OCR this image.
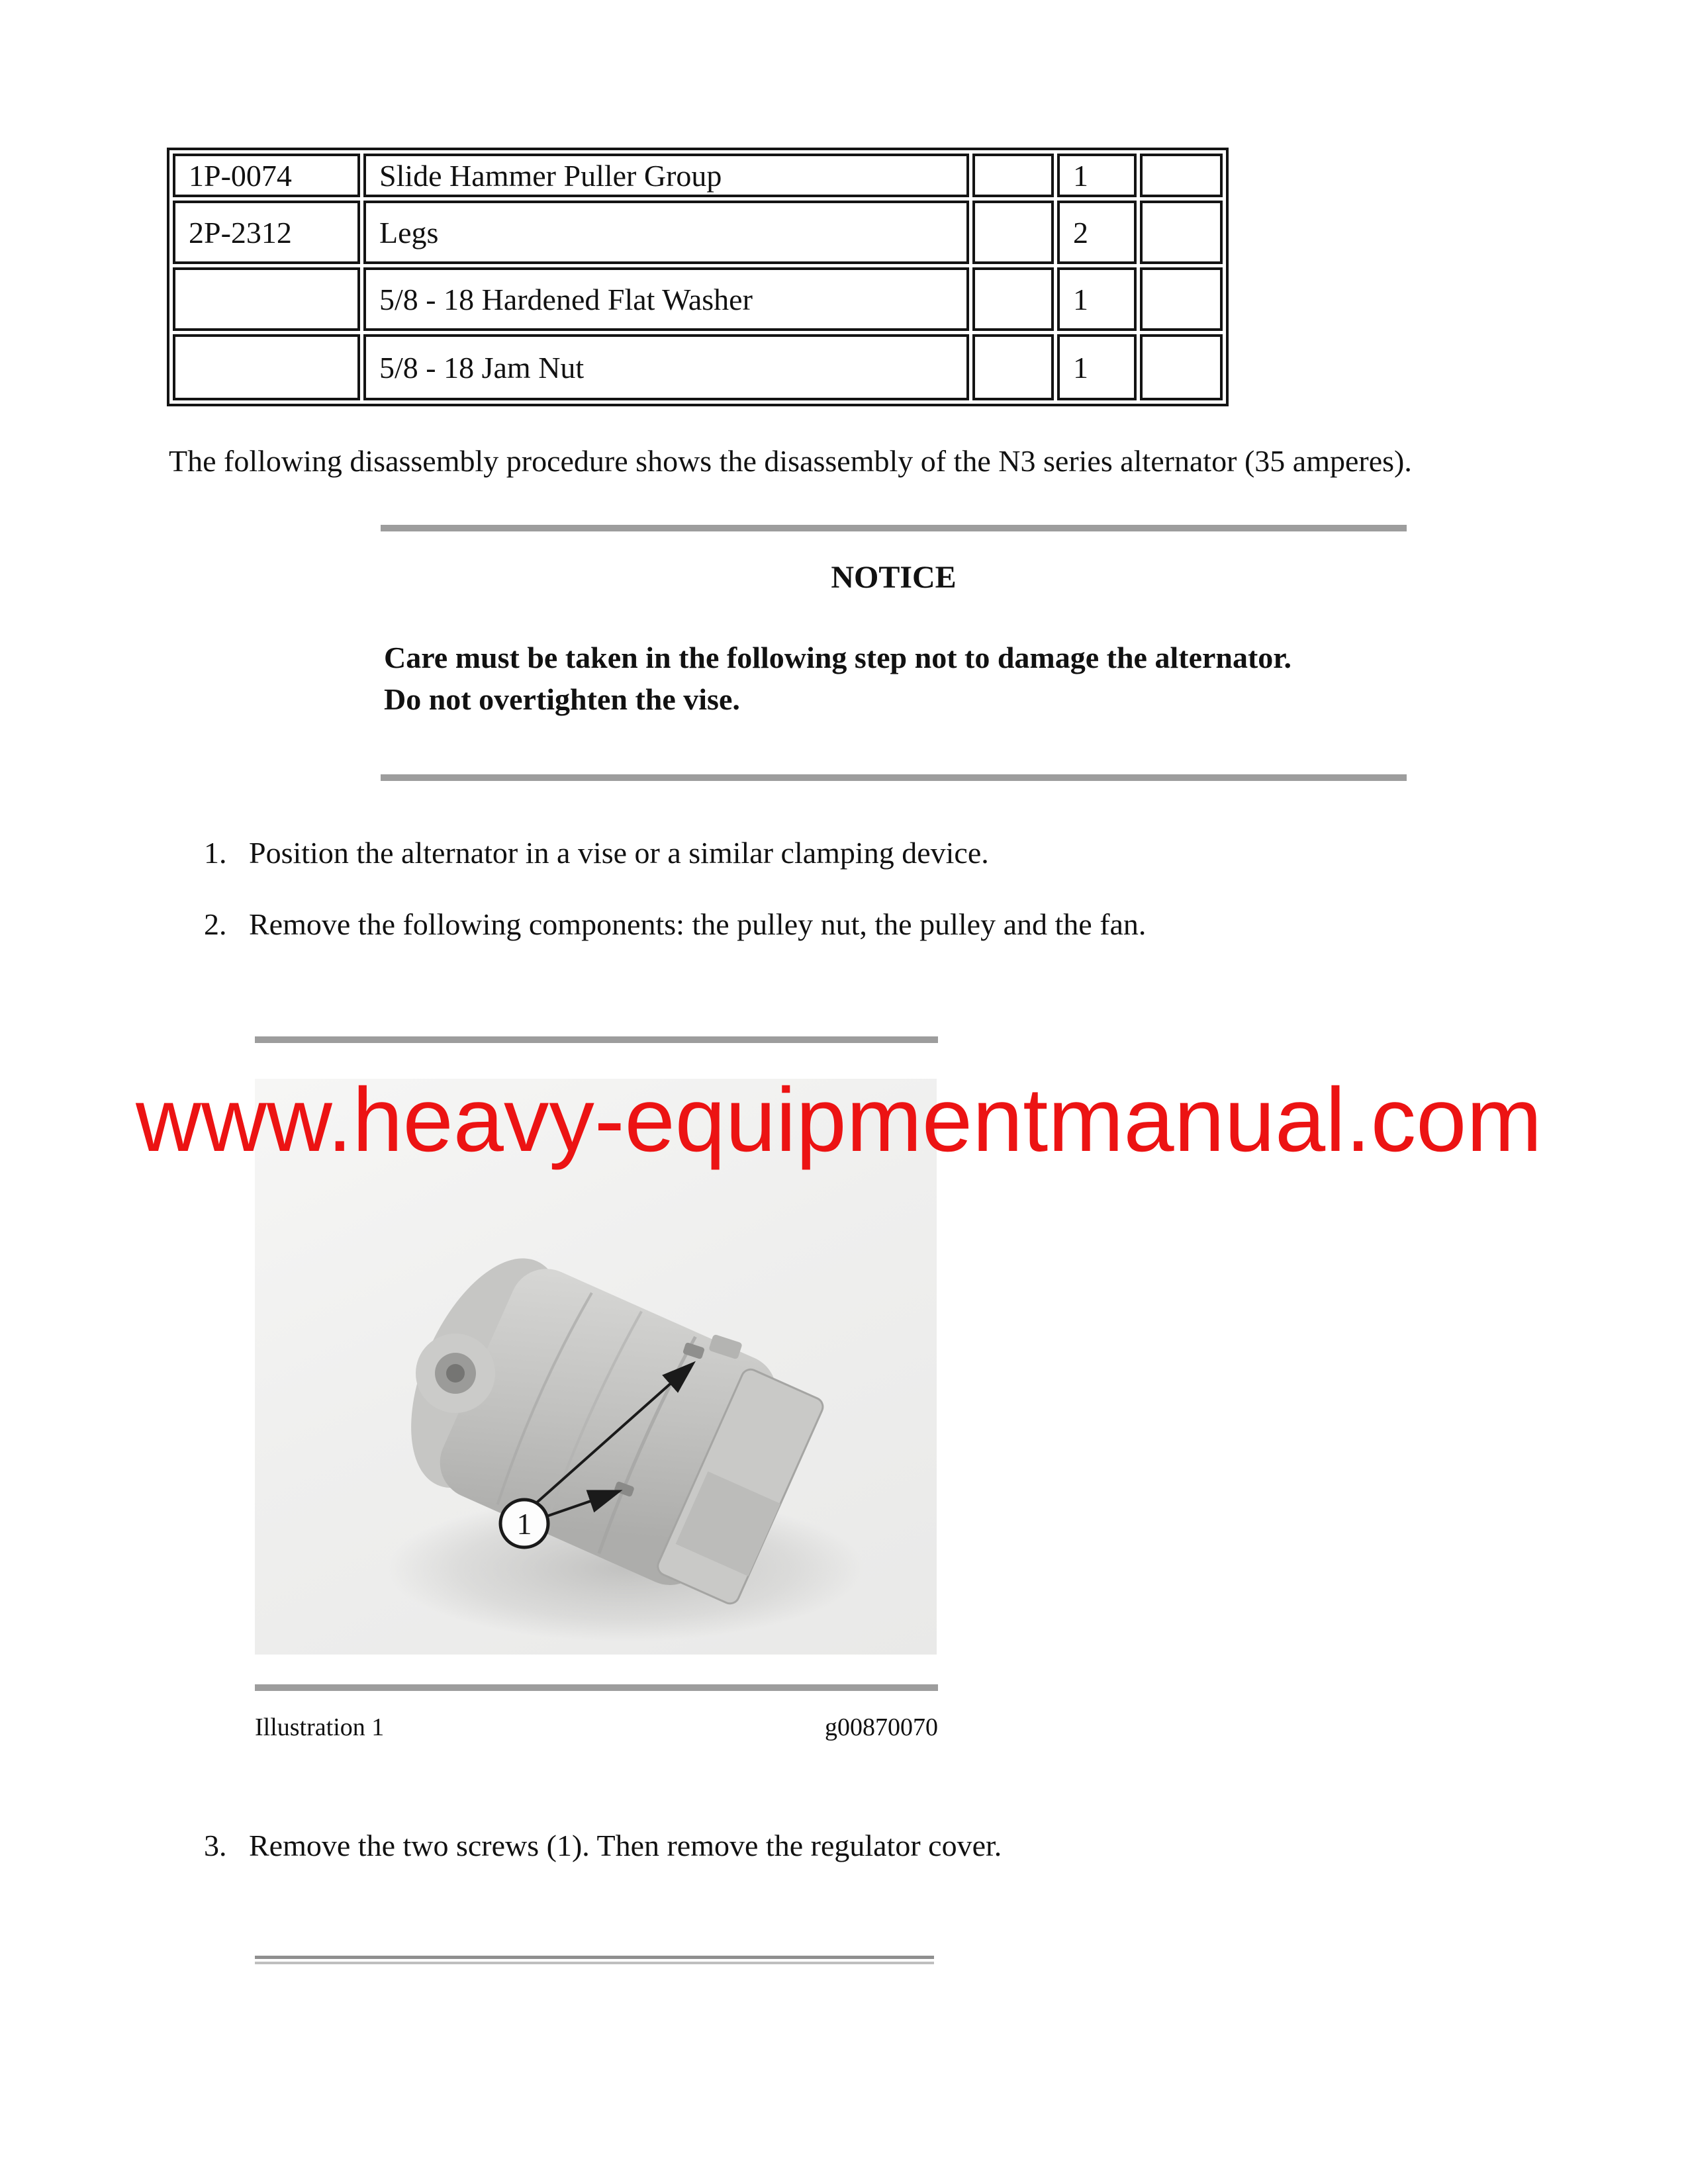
1P-0074	Slide Hammer Puller Group		1	
2P-2312	Legs		2	
	5/8 - 18 Hardened Flat Washer		1	
	5/8 - 18 Jam Nut		1	
The following disassembly procedure shows the disassembly of the N3 series alternator (35 amperes).
NOTICE
Care must be taken in the following step not to damage the alternator.
Do not overtighten the vise.
1. Position the alternator in a vise or a similar clamping device.
2. Remove the following components: the pulley nut, the pulley and the fan.
1
www.heavy-equipmentmanual.com
Illustration 1	g00870070
3. Remove the two screws (1). Then remove the regulator cover.
